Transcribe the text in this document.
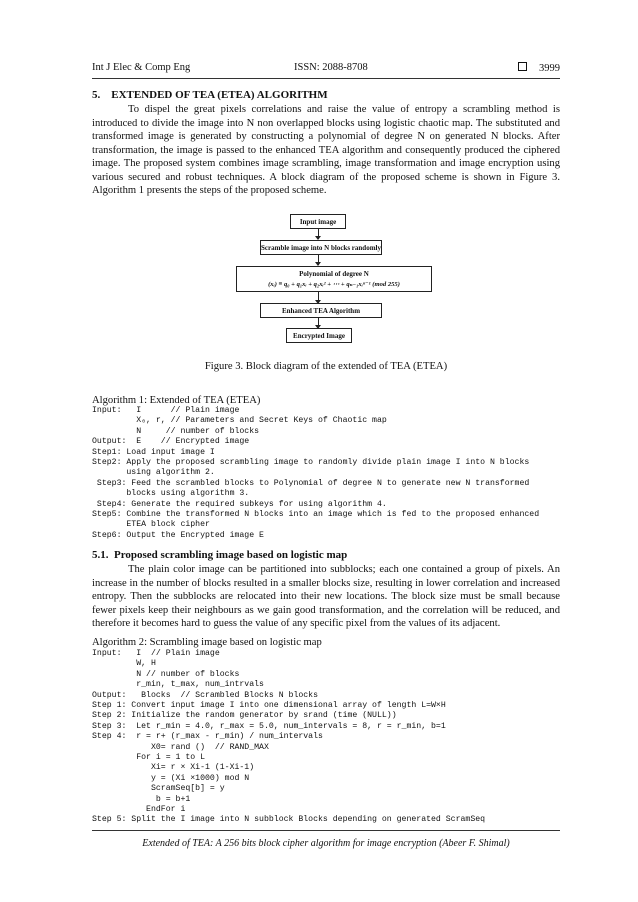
Int J Elec & Comp Eng	ISSN: 2088-8708	3999
5.    EXTENDED OF TEA (ETEA) ALGORITHM
To dispel the great pixels correlations and raise the value of entropy a scrambling method is introduced to divide the image into N non overlapped blocks using logistic chaotic map. The substituted and transformed image is generated by constructing a polynomial of degree N on generated N blocks. After transformation, the image is passed to the enhanced TEA algorithm and consequently produced the ciphered image. The proposed system combines image scrambling, image transformation and image encryption using various secured and robust techniques. A block diagram of the proposed scheme is shown in Figure 3. Algorithm 1 presents the steps of the proposed scheme.
Input image
Scramble image into N blocks randomly
Polynomial of degree N
(xᵢ) ≡ q₀ + q₁xᵢ + q₂xᵢ² + ⋯ + qₙ₋₁xᵢⁿ⁻¹ (mod 255)
Enhanced TEA Algorithm
Encrypted Image
Figure 3. Block diagram of the extended of TEA (ETEA)
Algorithm 1: Extended of TEA (ETEA)
Input:   I      // Plain image
X₀, r, // Parameters and Secret Keys of Chaotic map
N     // number of blocks
Output:  E    // Encrypted image
Step1: Load input image I
Step2: Apply the proposed scrambling image to randomly divide plain image I into N blocks
using algorithm 2.
Step3: Feed the scrambled blocks to Polynomial of degree N to generate new N transformed
blocks using algorithm 3.
Step4: Generate the required subkeys for using algorithm 4.
Step5: Combine the transformed N blocks into an image which is fed to the proposed enhanced
ETEA block cipher
Step6: Output the Encrypted image E
5.1.  Proposed scrambling image based on logistic map
The plain color image can be partitioned into subblocks; each one contained a group of pixels. An increase in the number of blocks resulted in a smaller blocks size, resulting in lower correlation and increased entropy. Then the subblocks are relocated into their new locations. The block size must be small because fewer pixels keep their neighbours as we gain good transformation, and the correlation will be reduced, and therefore it becomes hard to guess the value of any specific pixel from the values of its adjacent.
Algorithm 2: Scrambling image based on logistic map
Input:   I  // Plain image
W, H
N // number of blocks
r_min, t_max, num_intrvals
Output:   Blocks  // Scrambled Blocks N blocks
Step 1: Convert input image I into one dimensional array of length L=W×H
Step 2: Initialize the random generator by srand (time (NULL))
Step 3:  Let r_min = 4.0, r_max = 5.0, num_intervals = 8, r = r_min, b=1
Step 4:  r = r+ (r_max - r_min) / num_intervals
X0= rand ()  // RAND_MAX
For i = 1 to L
Xi= r × Xi-1 (1-Xi-1)
y = (Xi ×1000) mod N
ScramSeq[b] = y
b = b+1
EndFor i
Step 5: Split the I image into N subblock Blocks depending on generated ScramSeq
Extended of TEA: A 256 bits block cipher algorithm for image encryption (Abeer F. Shimal)
